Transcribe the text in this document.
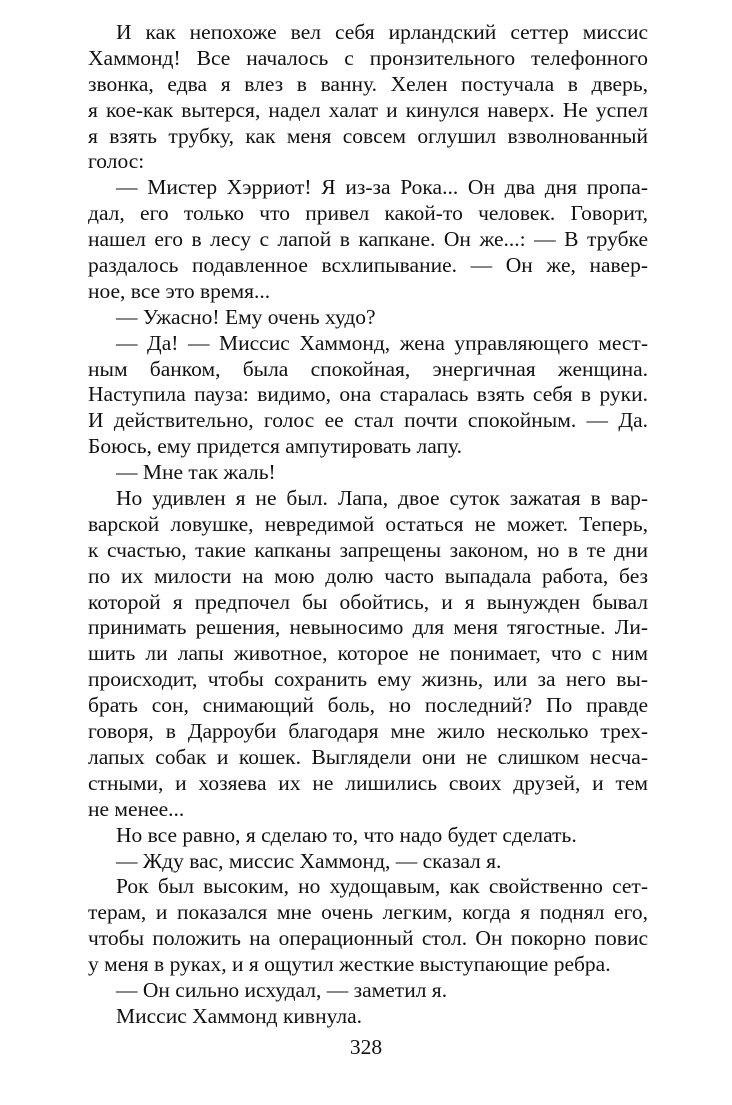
И как непохоже вел себя ирландский сеттер миссис
Хаммонд! Все началось с пронзительного телефонного
звонка, едва я влез в ванну. Хелен постучала в дверь,
я кое-как вытерся, надел халат и кинулся наверх. Не успел
я взять трубку, как меня совсем оглушил взволнованный
голос:
— Мистер Хэрриот! Я из-за Рока... Он два дня пропа-
дал, его только что привел какой-то человек. Говорит,
нашел его в лесу с лапой в капкане. Он же...: — В трубке
раздалось подавленное всхлипывание. — Он же, навер-
ное, все это время...
— Ужасно! Ему очень худо?
— Да! — Миссис Хаммонд, жена управляющего мест-
ным банком, была спокойная, энергичная женщина.
Наступила пауза: видимо, она старалась взять себя в руки.
И действительно, голос ее стал почти спокойным. — Да.
Боюсь, ему придется ампутировать лапу.
— Мне так жаль!
Но удивлен я не был. Лапа, двое суток зажатая в вар-
варской ловушке, невредимой остаться не может. Теперь,
к счастью, такие капканы запрещены законом, но в те дни
по их милости на мою долю часто выпадала работа, без
которой я предпочел бы обойтись, и я вынужден бывал
принимать решения, невыносимо для меня тягостные. Ли-
шить ли лапы животное, которое не понимает, что с ним
происходит, чтобы сохранить ему жизнь, или за него вы-
брать сон, снимающий боль, но последний? По правде
говоря, в Дарроуби благодаря мне жило несколько трех-
лапых собак и кошек. Выглядели они не слишком несча-
стными, и хозяева их не лишились своих друзей, и тем
не менее...
Но все равно, я сделаю то, что надо будет сделать.
— Жду вас, миссис Хаммонд, — сказал я.
Рок был высоким, но худощавым, как свойственно сет-
терам, и показался мне очень легким, когда я поднял его,
чтобы положить на операционный стол. Он покорно повис
у меня в руках, и я ощутил жесткие выступающие ребра.
— Он сильно исхудал, — заметил я.
Миссис Хаммонд кивнула.
328
